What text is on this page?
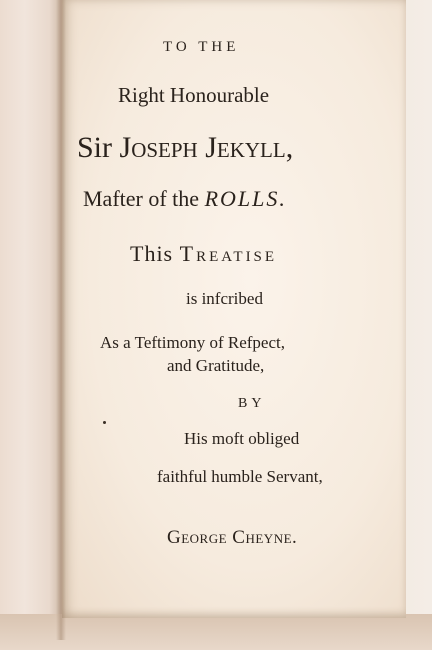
TO THE
Right Honourable
Sir Joseph Jekyll,
Mafter of the ROLLS.
This Treatise
is infcribed
As a Teftimony of Refpect,
and Gratitude,
BY
His moft obliged
faithful humble Servant,
George Cheyne.
